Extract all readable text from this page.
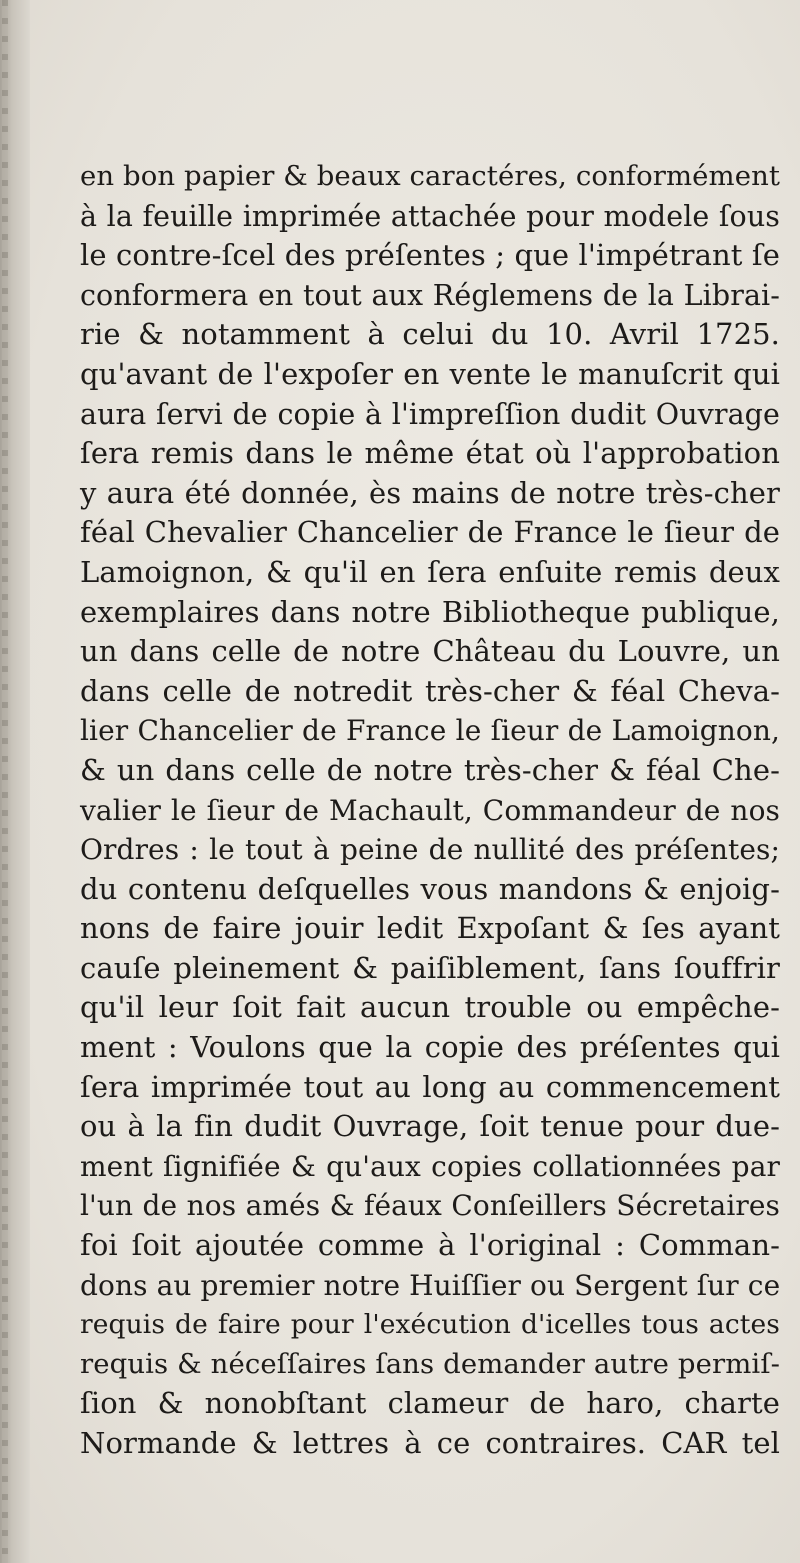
en bon papier & beaux caractéres, conformément
à la feuille imprimée attachée pour modele ſous
le contre-ſcel des préſentes ; que l'impétrant ſe
conformera en tout aux Réglemens de la Librai-
rie & notamment à celui du 10. Avril 1725.
qu'avant de l'expoſer en vente le manuſcrit qui
aura ſervi de copie à l'impreſſion dudit Ouvrage
ſera remis dans le même état où l'approbation
y aura été donnée, ès mains de notre très-cher
féal Chevalier Chancelier de France le ſieur de
Lamoignon, & qu'il en ſera enſuite remis deux
exemplaires dans notre Bibliotheque publique,
un dans celle de notre Château du Louvre, un
dans celle de notredit très-cher & féal Cheva-
lier Chancelier de France le ſieur de Lamoignon,
& un dans celle de notre très-cher & féal Che-
valier le ſieur de Machault, Commandeur de nos
Ordres : le tout à peine de nullité des préſentes;
du contenu deſquelles vous mandons & enjoig-
nons de faire jouir ledit Expoſant & ſes ayant
cauſe pleinement & paiſiblement, ſans ſouffrir
qu'il leur ſoit fait aucun trouble ou empêche-
ment : Voulons que la copie des préſentes qui
ſera imprimée tout au long au commencement
ou à la fin dudit Ouvrage, ſoit tenue pour due-
ment ſignifiée & qu'aux copies collationnées par
l'un de nos amés & féaux Conſeillers Sécretaires
foi ſoit ajoutée comme à l'original : Comman-
dons au premier notre Huiſſier ou Sergent ſur ce
requis de faire pour l'exécution d'icelles tous actes
requis & néceſſaires ſans demander autre permiſ-
ſion & nonobſtant clameur de haro, charte
Normande & lettres à ce contraires. CAR tel
